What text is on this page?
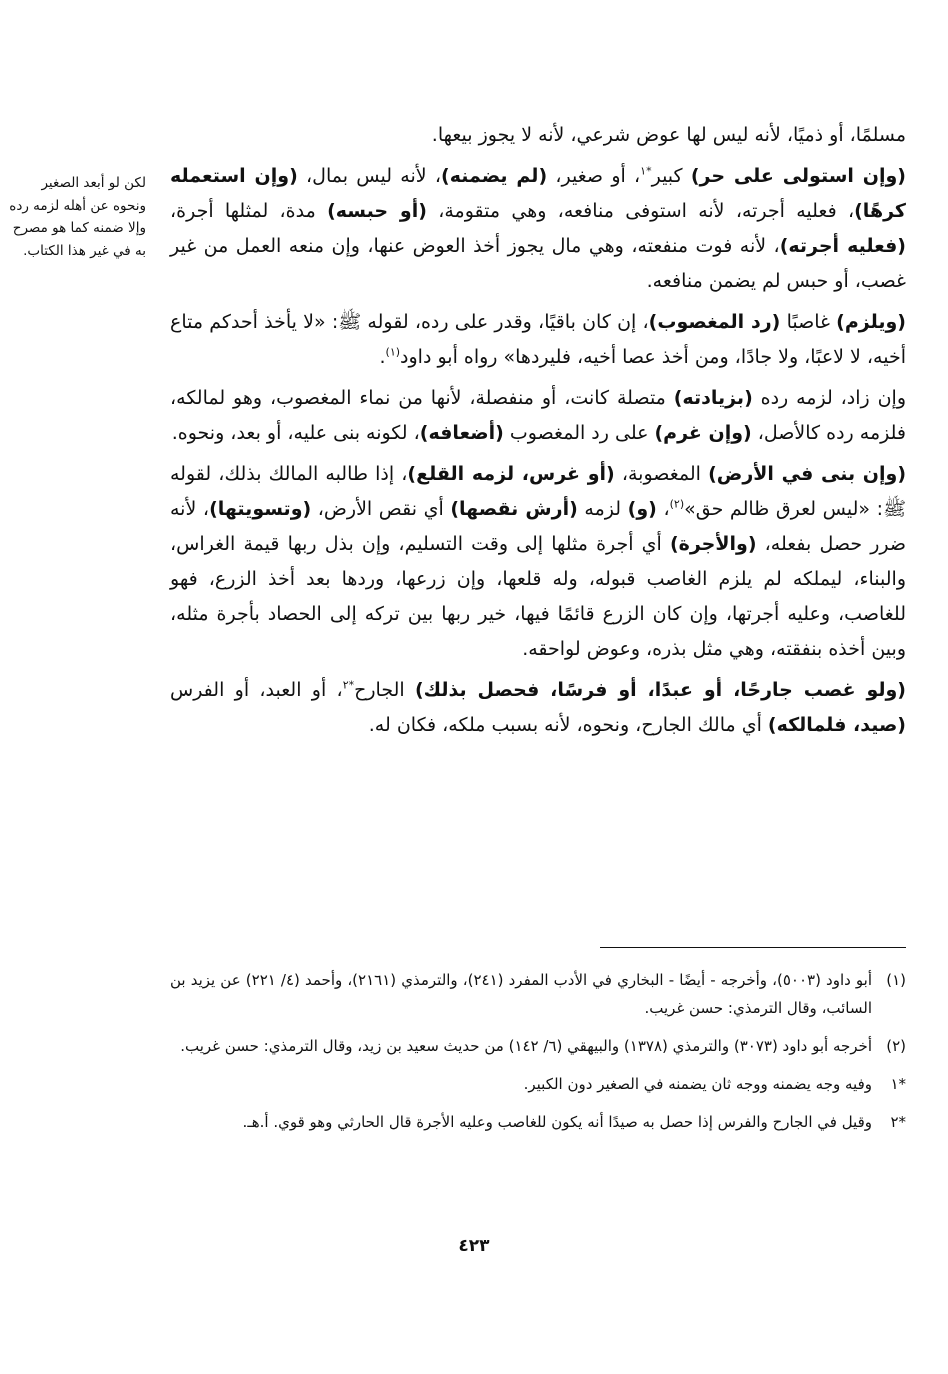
لكن لو أبعد الصغير ونحوه عن أهله لزمه رده وإلا ضمنه كما هو مصرح به في غير هذا الكتاب.

مسلمًا، أو ذميًا، لأنه ليس لها عوض شرعي، لأنه لا يجوز بيعها.

(وإن استولى على حر) كبير$^{*١}$، أو صغير، (لم يضمنه)، لأنه ليس بمال، (وإن استعمله كرهًا)، فعليه أجرته، لأنه استوفى منافعه، وهي متقومة، (أو حبسه) مدة، لمثلها أجرة، (فعليه أجرته)، لأنه فوت منفعته، وهي مال يجوز أخذ العوض عنها، وإن منعه العمل من غير غصب، أو حبس لم يضمن منافعه.

(ويلزم) غاصبًا (رد المغصوب)، إن كان باقيًا، وقدر على رده، لقوله ﷺ: «لا يأخذ أحدكم متاع أخيه، لا لاعبًا، ولا جادًا، ومن أخذ عصا أخيه، فليردها» رواه أبو داود$^{(١)}$.

وإن زاد، لزمه رده (بزيادته) متصلة كانت، أو منفصلة، لأنها من نماء المغصوب، وهو لمالكه، فلزمه رده كالأصل، (وإن غرم) على رد المغصوب (أضعافه)، لكونه بنى عليه، أو بعد، ونحوه.

(وإن بنى في الأرض) المغصوبة، (أو غرس، لزمه القلع)، إذا طالبه المالك بذلك، لقوله ﷺ: «ليس لعرق ظالم حق»$^{(٢)}$، (و) لزمه (أرش نقصها) أي نقص الأرض، (وتسويتها)، لأنه ضرر حصل بفعله، (والأجرة) أي أجرة مثلها إلى وقت التسليم، وإن بذل ربها قيمة الغراس، والبناء، ليملكه لم يلزم الغاصب قبوله، وله قلعها، وإن زرعها، وردها بعد أخذ الزرع، فهو للغاصب، وعليه أجرتها، وإن كان الزرع قائمًا فيها، خير ربها بين تركه إلى الحصاد بأجرة مثله، وبين أخذه بنفقته، وهي مثل بذره، وعوض لواحقه.

(ولو غصب جارحًا، أو عبدًا، أو فرسًا، فحصل بذلك) الجارح$^{*٢}$، أو العبد، أو الفرس (صيد، فلمالكه) أي مالك الجارح، ونحوه، لأنه بسبب ملكه، فكان له.

(١)
أبو داود (٥٠٠٣)، وأخرجه - أيضًا - البخاري في الأدب المفرد (٢٤١)، والترمذي (٢١٦١)، وأحمد (٤/ ٢٢١) عن يزيد بن السائب، وقال الترمذي: حسن غريب.
(٢)
أخرجه أبو داود (٣٠٧٣) والترمذي (١٣٧٨) والبيهقي (٦/ ١٤٢) من حديث سعيد بن زيد، وقال الترمذي: حسن غريب.
*١
وفيه وجه يضمنه ووجه ثان يضمنه في الصغير دون الكبير.
*٢
وقيل في الجارح والفرس إذا حصل به صيدًا أنه يكون للغاصب وعليه الأجرة قال الحارثي وهو قوي. أ.هـ.
٤٢٣
